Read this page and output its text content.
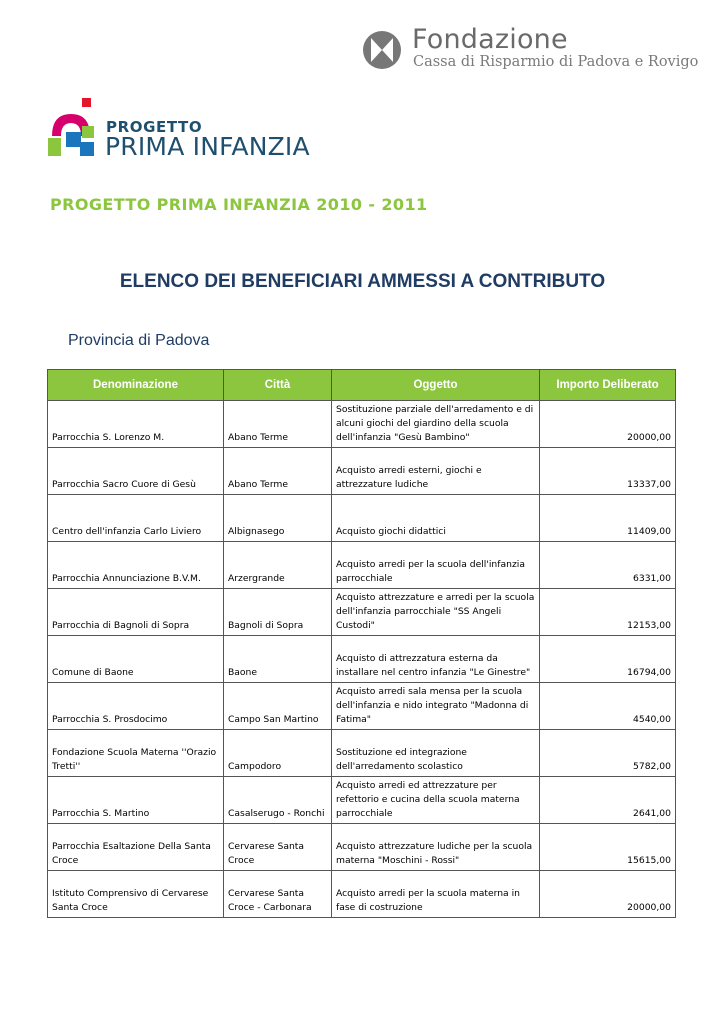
Fondazione
Cassa di Risparmio di Padova e Rovigo
PROGETTO
PRIMA INFANZIA
PROGETTO PRIMA INFANZIA 2010 - 2011
ELENCO DEI BENEFICIARI AMMESSI A CONTRIBUTO
Provincia di Padova
Denominazione	Città	Oggetto	Importo Deliberato
Parrocchia S. Lorenzo M.	Abano Terme	Sostituzione parziale dell'arredamento e di alcuni giochi del giardino della scuola dell'infanzia "Gesù Bambino"	20000,00
Parrocchia Sacro Cuore di Gesù	Abano Terme	Acquisto arredi esterni, giochi e attrezzature ludiche	13337,00
Centro dell'infanzia Carlo Liviero	Albignasego	Acquisto giochi didattici	11409,00
Parrocchia Annunciazione B.V.M.	Arzergrande	Acquisto arredi per la scuola dell'infanzia parrocchiale	6331,00
Parrocchia di Bagnoli di Sopra	Bagnoli di Sopra	Acquisto attrezzature e arredi per la scuola dell'infanzia parrocchiale "SS Angeli Custodi"	12153,00
Comune di Baone	Baone	Acquisto di attrezzatura esterna da installare nel centro infanzia "Le Ginestre"	16794,00
Parrocchia S. Prosdocimo	Campo San Martino	Acquisto arredi sala mensa per la scuola dell'infanzia e nido integrato "Madonna di Fatima"	4540,00
Fondazione Scuola Materna ''Orazio Tretti''	Campodoro	Sostituzione ed integrazione dell'arredamento scolastico	5782,00
Parrocchia S. Martino	Casalserugo - Ronchi	Acquisto arredi ed attrezzature per refettorio e cucina della scuola materna parrocchiale	2641,00
Parrocchia Esaltazione Della Santa Croce	Cervarese Santa Croce	Acquisto attrezzature ludiche per la scuola materna "Moschini - Rossi"	15615,00
Istituto Comprensivo di Cervarese Santa Croce	Cervarese Santa Croce - Carbonara	Acquisto arredi per la scuola materna in fase di costruzione	20000,00
